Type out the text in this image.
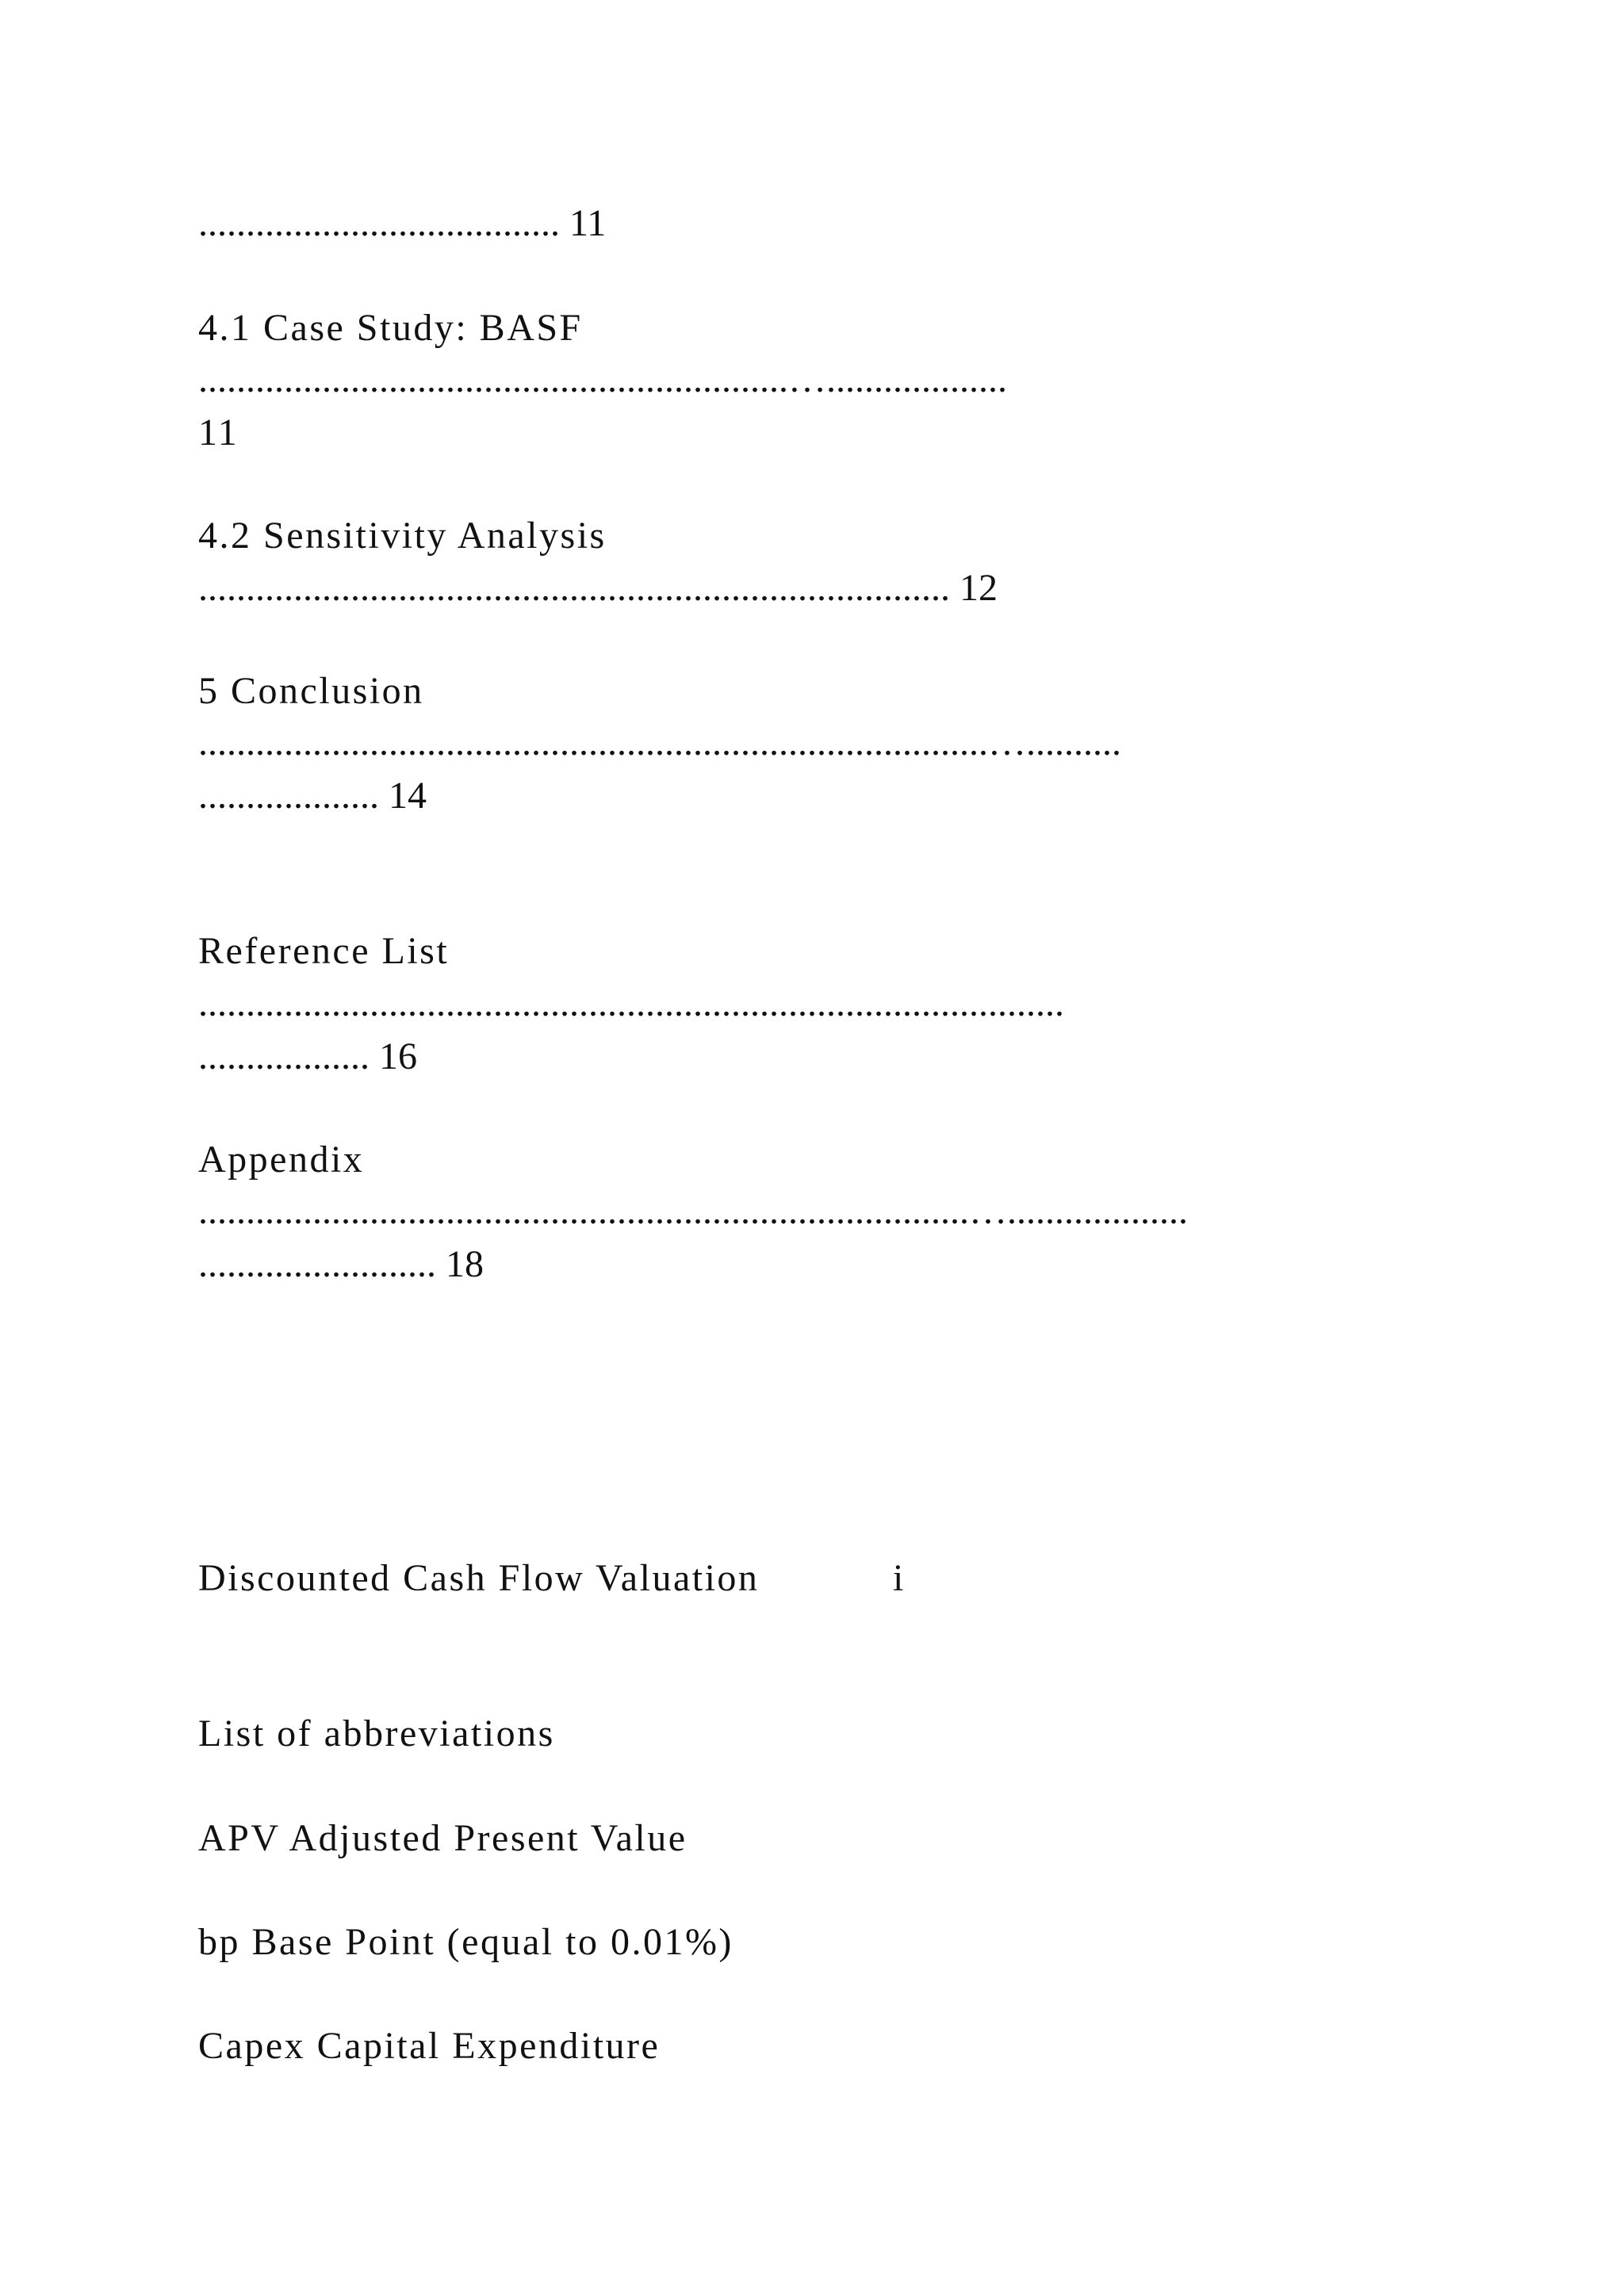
...................................... 11
4.1 Case Study: BASF
..............................................................…...................
11
4.2 Sensitivity Analysis
............................................................................... 12
5 Conclusion
...................................................................................…..........
................... 14
Reference List
...........................................................................................
.................. 16
Appendix
.................................................................................…...................
......................... 18
Discounted Cash Flow Valuation	i
List of abbreviations
APV Adjusted Present Value
bp Base Point (equal to 0.01%)
Capex Capital Expenditure
